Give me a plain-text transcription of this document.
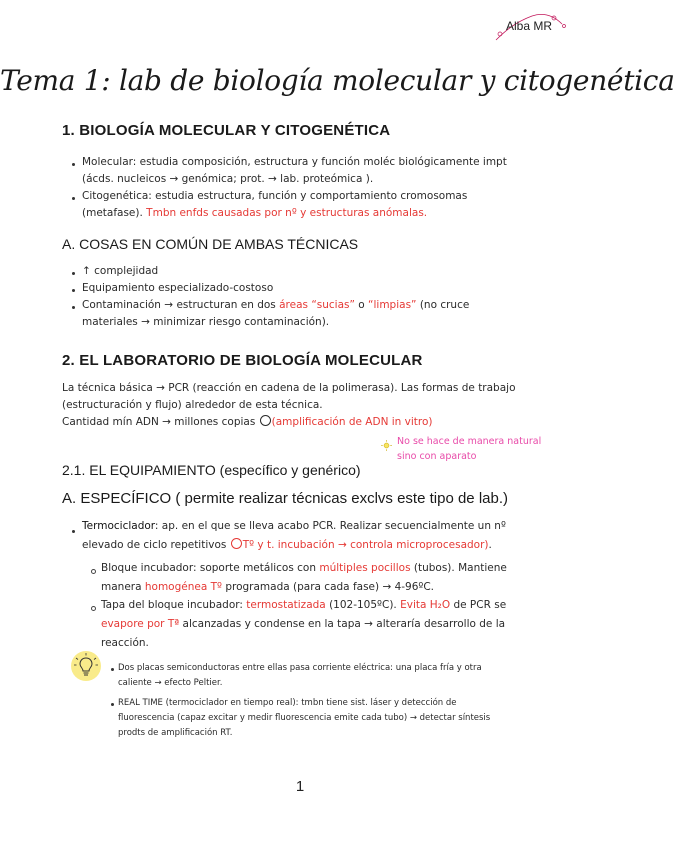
Alba MR
Tema 1: lab de biología molecular y citogenética
1. BIOLOGÍA MOLECULAR Y CITOGENÉTICA
Molecular: estudia composición, estructura y función moléc biológicamente impt
(ácds. nucleicos → genómica; prot. → lab. proteómica ).
Citogenética: estudia estructura, función y comportamiento cromosomas
(metafase). Tmbn enfds causadas por nº y estructuras anómalas.
A. COSAS EN COMÚN DE AMBAS TÉCNICAS
↑ complejidad
Equipamiento especializado-costoso
Contaminación → estructuran en dos áreas “sucias” o “limpias” (no cruce
materiales → minimizar riesgo contaminación).
2. EL LABORATORIO DE BIOLOGÍA MOLECULAR
La técnica básica → PCR (reacción en cadena de la polimerasa). Las formas de trabajo
(estructuración y flujo) alrededor de esta técnica.
Cantidad mín ADN → millones copias (amplificación de ADN in vitro)
No se hace de manera natural
sino con aparato
2.1. EL EQUIPAMIENTO (específico y genérico)
A. ESPECÍFICO ( permite realizar técnicas exclvs este tipo de lab.)
Termociclador: ap. en el que se lleva acabo PCR. Realizar secuencialmente un nº
elevado de ciclo repetitivos Tº y t. incubación → controla microprocesador).
Bloque incubador: soporte metálicos con múltiples pocillos (tubos). Mantiene
manera homogénea Tº programada (para cada fase) → 4-96ºC.
Tapa del bloque incubador: termostatizada (102-105ºC). Evita H₂O de PCR se
evapore por Tª alcanzadas y condense en la tapa → alteraría desarrollo de la
reacción.
Dos placas semiconductoras entre ellas pasa corriente eléctrica: una placa fría y otra
caliente → efecto Peltier.
REAL TIME (termociclador en tiempo real): tmbn tiene sist. láser y detección de
fluorescencia (capaz excitar y medir fluorescencia emite cada tubo) → detectar síntesis
prodts de amplificación RT.
1
